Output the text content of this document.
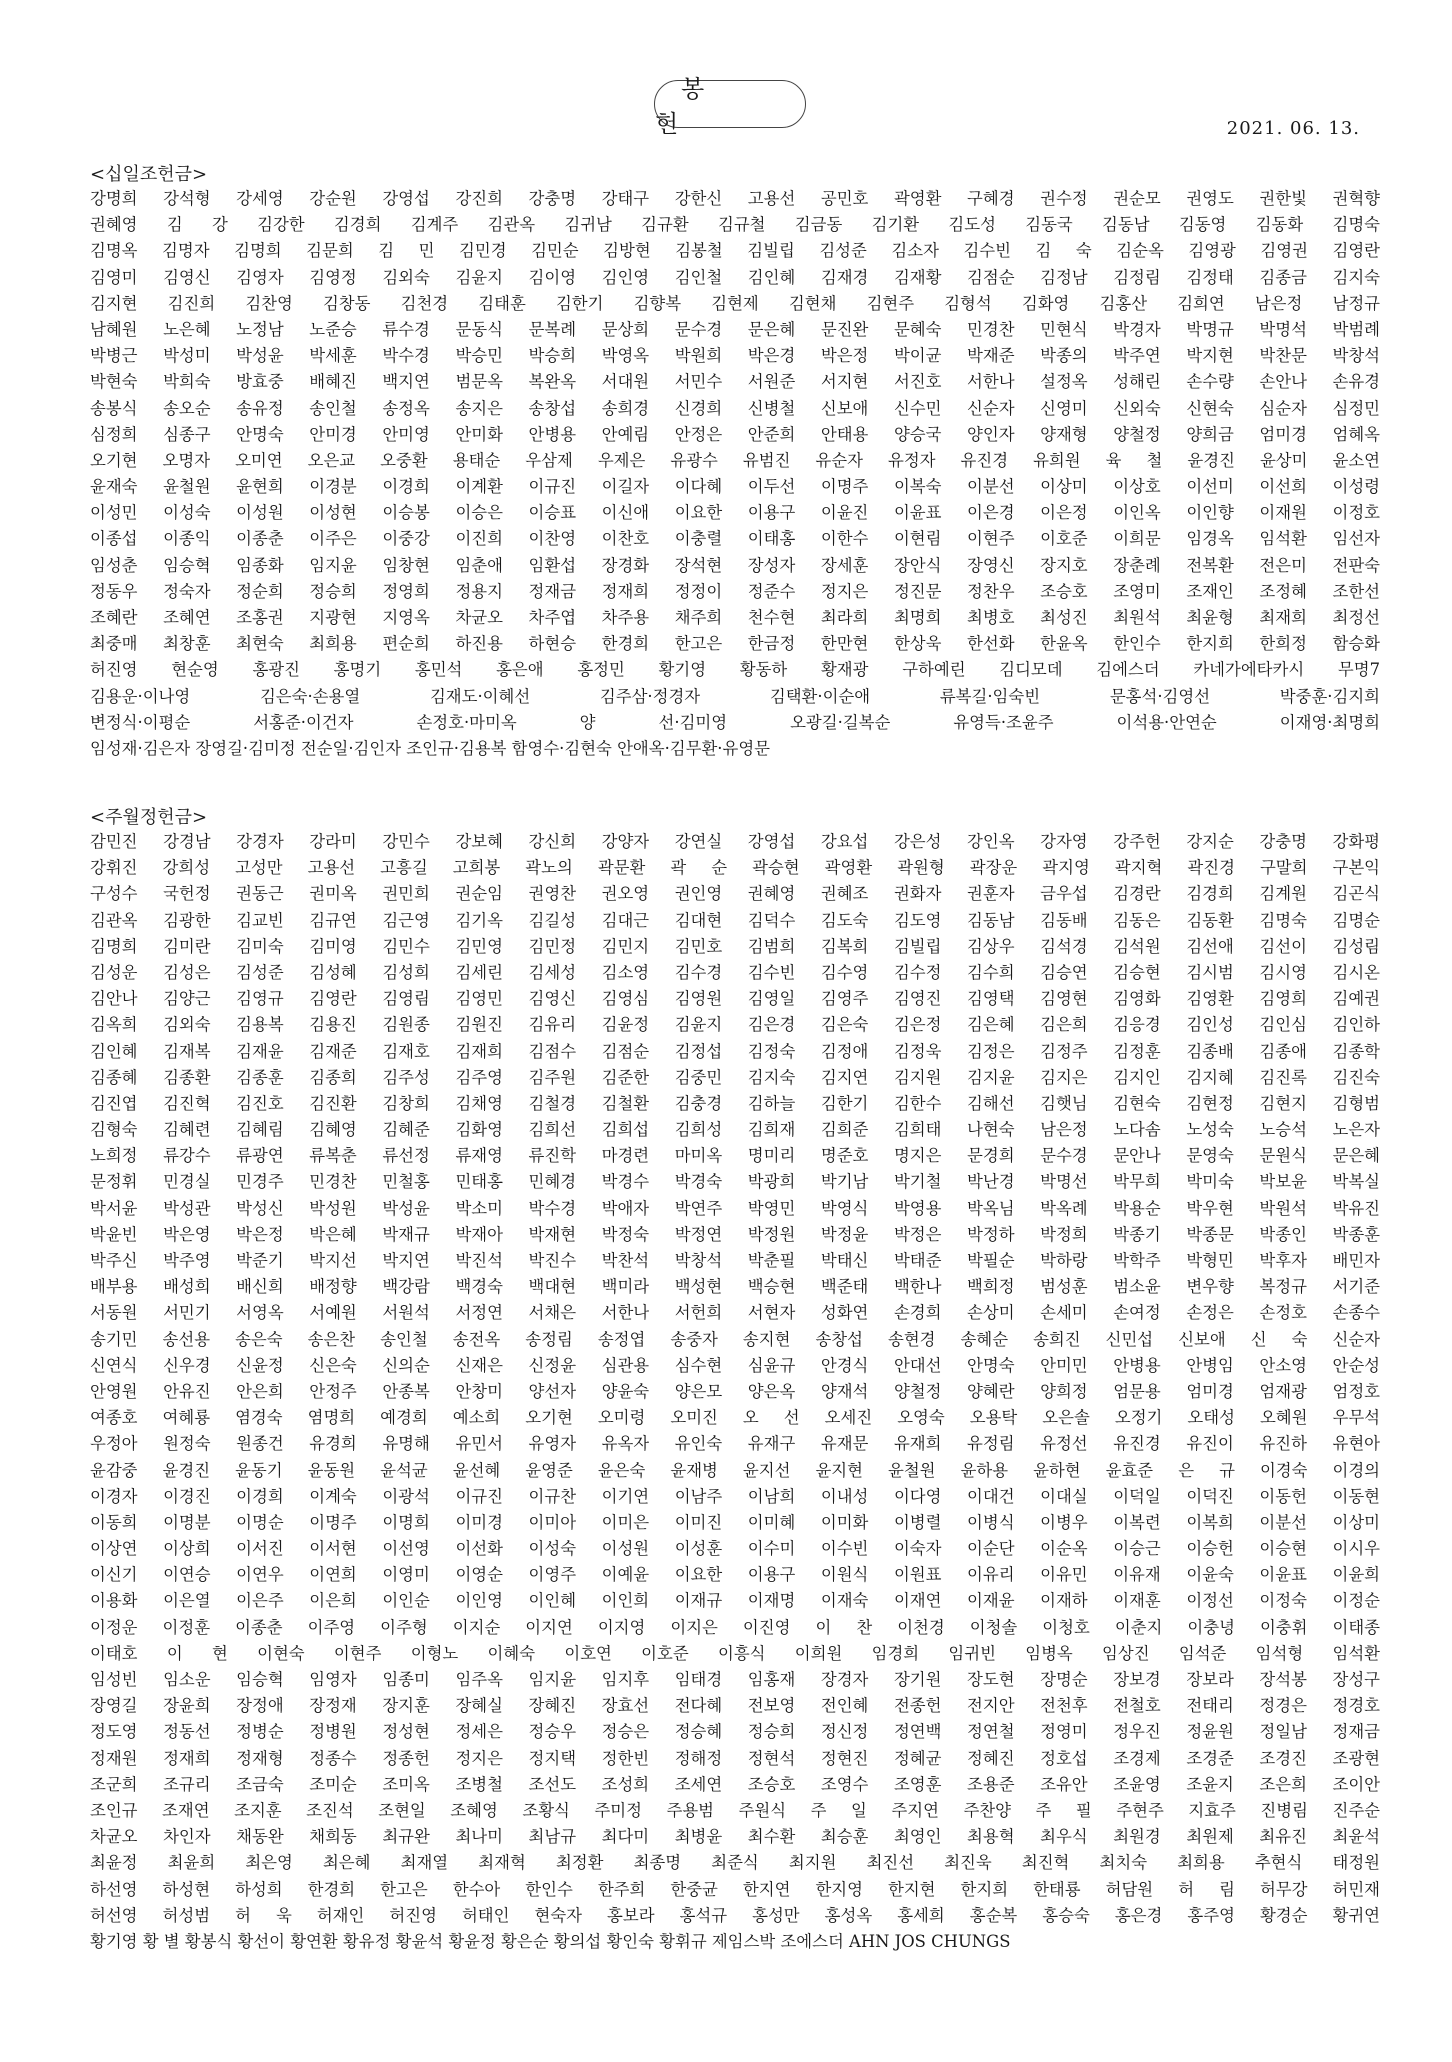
봉 헌	2021. 06. 13.
<십일조헌금>
강명희 강석형 강세영 강순원 강영섭 강진희 강충명 강태구 강한신 고용선 공민호 곽영환 구혜경 권수정 권순모 권영도 권한빛 권혁향
권혜영 김 강 김강한 김경희 김계주 김관옥 김귀남 김규환 김규철 김금동 김기환 김도성 김동국 김동남 김동영 김동화 김명숙
김명옥 김명자 김명희 김문희 김 민 김민경 김민순 김방현 김봉철 김빌립 김성준 김소자 김수빈 김 숙 김순옥 김영광 김영권 김영란
김영미 김영신 김영자 김영정 김외숙 김윤지 김이영 김인영 김인철 김인혜 김재경 김재황 김점순 김정남 김정림 김정태 김종금 김지숙
김지현 김진희 김찬영 김창동 김천경 김태훈 김한기 김향복 김현제 김현채 김현주 김형석 김화영 김홍산 김희연 남은정 남정규
남혜원 노은혜 노정남 노준승 류수경 문동식 문복례 문상희 문수경 문은혜 문진완 문혜숙 민경찬 민현식 박경자 박명규 박명석 박범례
박병근 박성미 박성윤 박세훈 박수경 박승민 박승희 박영옥 박원희 박은경 박은정 박이균 박재준 박종의 박주연 박지현 박찬문 박창석
박현숙 박희숙 방효중 배혜진 백지연 범문옥 복완옥 서대원 서민수 서원준 서지현 서진호 서한나 설정옥 성해린 손수량 손안나 손유경
송봉식 송오순 송유정 송인철 송정옥 송지은 송창섭 송희경 신경희 신병철 신보애 신수민 신순자 신영미 신외숙 신현숙 심순자 심정민
심정희 심종구 안명숙 안미경 안미영 안미화 안병용 안예림 안정은 안준희 안태용 양승국 양인자 양재형 양철정 양희금 엄미경 엄혜옥
오기현 오명자 오미연 오은교 오중환 용태순 우삼제 우제은 유광수 유범진 유순자 유정자 유진경 유희원 육 철 윤경진 윤상미 윤소연
윤재숙 윤철원 윤현희 이경분 이경희 이계환 이규진 이길자 이다혜 이두선 이명주 이복숙 이분선 이상미 이상호 이선미 이선희 이성령
이성민 이성숙 이성원 이성현 이승봉 이승은 이승표 이신애 이요한 이용구 이윤진 이윤표 이은경 이은정 이인옥 이인향 이재원 이정호
이종섭 이종익 이종춘 이주은 이중강 이진희 이찬영 이찬호 이충렬 이태홍 이한수 이현림 이현주 이호준 이희문 임경옥 임석환 임선자
임성춘 임승혁 임종화 임지윤 임창현 임춘애 임환섭 장경화 장석현 장성자 장세훈 장안식 장영신 장지호 장춘례 전복환 전은미 전판숙
정동우 정숙자 정순희 정승희 정영희 정용지 정재금 정재희 정정이 정준수 정지은 정진문 정찬우 조승호 조영미 조재인 조정혜 조한선
조혜란 조혜연 조홍권 지광현 지영옥 차균오 차주엽 차주용 채주희 천수현 최라희 최명희 최병호 최성진 최원석 최윤형 최재희 최정선
최중매 최창훈 최현숙 최희용 편순희 하진용 하현승 한경희 한고은 한금정 한만현 한상욱 한선화 한윤옥 한인수 한지희 한희정 함승화
허진영 현순영 홍광진 홍명기 홍민석 홍은애 홍정민 황기영 황동하 황재광 구하예린 김디모데 김에스더 카네가에타카시 무명7
김용운·이나영 김은숙·손용열 김재도·이혜선 김주삼·정경자 김택환·이순애 류복길·임숙빈 문홍석·김영선 박중훈·김지희
변정식·이평순 서홍준·이건자 손정호·마미옥 양 선·김미영 오광길·길복순 유영득·조윤주 이석용·안연순 이재영·최명희
임성재·김은자 장영길·김미정 전순일·김인자 조인규·김용복 함영수·김현숙 안애옥·김무환·유영문
<주월정헌금>
감민진 강경남 강경자 강라미 강민수 강보혜 강신희 강양자 강연실 강영섭 강요섭 강은성 강인옥 강자영 강주헌 강지순 강충명 강화평
강휘진 강희성 고성만 고용선 고흥길 고희봉 곽노의 곽문환 곽 순 곽승현 곽영환 곽원형 곽장운 곽지영 곽지혁 곽진경 구말희 구본익
구성수 국헌정 권동근 권미옥 권민희 권순임 권영찬 권오영 권인영 권혜영 권혜조 권화자 권훈자 금우섭 김경란 김경희 김계원 김곤식
김관옥 김광한 김교빈 김규연 김근영 김기옥 김길성 김대근 김대현 김덕수 김도숙 김도영 김동남 김동배 김동은 김동환 김명숙 김명순
김명희 김미란 김미숙 김미영 김민수 김민영 김민정 김민지 김민호 김범희 김복희 김빌립 김상우 김석경 김석원 김선애 김선이 김성림
김성운 김성은 김성준 김성혜 김성희 김세린 김세성 김소영 김수경 김수빈 김수영 김수정 김수희 김승연 김승현 김시범 김시영 김시온
김안나 김양근 김영규 김영란 김영림 김영민 김영신 김영심 김영원 김영일 김영주 김영진 김영택 김영현 김영화 김영환 김영희 김예권
김옥희 김외숙 김용복 김용진 김원종 김원진 김유리 김윤정 김윤지 김은경 김은숙 김은정 김은혜 김은희 김응경 김인성 김인심 김인하
김인혜 김재복 김재윤 김재준 김재호 김재희 김점수 김점순 김정섭 김정숙 김정애 김정욱 김정은 김정주 김정훈 김종배 김종애 김종학
김종혜 김종환 김종훈 김종희 김주성 김주영 김주원 김준한 김중민 김지숙 김지연 김지원 김지윤 김지은 김지인 김지혜 김진록 김진숙
김진엽 김진혁 김진호 김진환 김창희 김채영 김철경 김철환 김충경 김하늘 김한기 김한수 김해선 김햇님 김현숙 김현정 김현지 김형범
김형숙 김혜련 김혜림 김혜영 김혜준 김화영 김희선 김희섭 김희성 김희재 김희준 김희태 나현숙 남은정 노다솜 노성숙 노승석 노은자
노희정 류강수 류광연 류복춘 류선정 류재영 류진학 마경련 마미옥 명미리 명준호 명지은 문경희 문수경 문안나 문영숙 문원식 문은혜
문정휘 민경실 민경주 민경찬 민철홍 민태홍 민혜경 박경수 박경숙 박광희 박기남 박기철 박난경 박명선 박무희 박미숙 박보윤 박복실
박서윤 박성관 박성신 박성원 박성윤 박소미 박수경 박애자 박연주 박영민 박영식 박영용 박옥님 박옥례 박용순 박우현 박원석 박유진
박윤빈 박은영 박은정 박은혜 박재규 박재아 박재현 박정숙 박정연 박정원 박정윤 박정은 박정하 박정희 박종기 박종문 박종인 박종훈
박주신 박주영 박준기 박지선 박지연 박진석 박진수 박찬석 박창석 박춘필 박태신 박태준 박필순 박하랑 박학주 박형민 박후자 배민자
배부용 배성희 배신희 배정향 백강람 백경숙 백대현 백미라 백성현 백승현 백준태 백한나 백희정 범성훈 범소윤 변우향 복정규 서기준
서동원 서민기 서영옥 서예원 서원석 서정연 서채은 서한나 서헌희 서현자 성화연 손경희 손상미 손세미 손여정 손정은 손정호 손종수
송기민 송선용 송은숙 송은찬 송인철 송전옥 송정림 송정엽 송중자 송지현 송창섭 송현경 송혜순 송희진 신민섭 신보애 신 숙 신순자
신연식 신우경 신윤정 신은숙 신의순 신재은 신정윤 심관용 심수현 심윤규 안경식 안대선 안명숙 안미민 안병용 안병임 안소영 안순성
안영원 안유진 안은희 안정주 안종복 안창미 양선자 양윤숙 양은모 양은옥 양재석 양철정 양혜란 양희정 엄문용 엄미경 엄재광 엄정호
여종호 여혜룡 염경숙 염명희 예경희 예소희 오기현 오미령 오미진 오 선 오세진 오영숙 오용탁 오은솔 오정기 오태성 오혜원 우무석
우정아 원정숙 원종건 유경희 유명해 유민서 유영자 유옥자 유인숙 유재구 유재문 유재희 유정림 유정선 유진경 유진이 유진하 유현아
윤감중 윤경진 윤동기 윤동원 윤석균 윤선혜 윤영준 윤은숙 윤재병 윤지선 윤지현 윤철원 윤하용 윤하현 윤효준 은 규 이경숙 이경의
이경자 이경진 이경희 이계숙 이광석 이규진 이규찬 이기연 이남주 이남희 이내성 이다영 이대건 이대실 이덕일 이덕진 이동헌 이동현
이동희 이명분 이명순 이명주 이명희 이미경 이미아 이미은 이미진 이미혜 이미화 이병렬 이병식 이병우 이복련 이복희 이분선 이상미
이상연 이상희 이서진 이서현 이선영 이선화 이성숙 이성원 이성훈 이수미 이수빈 이숙자 이순단 이순옥 이승근 이승헌 이승현 이시우
이신기 이연승 이연우 이연희 이영미 이영순 이영주 이예윤 이요한 이용구 이원식 이원표 이유리 이유민 이유재 이윤숙 이윤표 이윤희
이용화 이은열 이은주 이은희 이인순 이인영 이인혜 이인희 이재규 이재명 이재숙 이재연 이재윤 이재하 이재훈 이정선 이정숙 이정순
이정운 이정훈 이종춘 이주영 이주형 이지순 이지연 이지영 이지은 이진영 이 찬 이천경 이청솔 이청호 이춘지 이충녕 이충휘 이태종
이태호 이 현 이현숙 이현주 이형노 이혜숙 이호연 이호준 이흥식 이희원 임경희 임귀빈 임병옥 임상진 임석준 임석형 임석환
임성빈 임소운 임승혁 임영자 임종미 임주옥 임지윤 임지후 임태경 임홍재 장경자 장기원 장도현 장명순 장보경 장보라 장석봉 장성구
장영길 장윤희 장정애 장정재 장지훈 장혜실 장혜진 장효선 전다혜 전보영 전인혜 전종헌 전지안 전천후 전철호 전태리 정경은 정경호
정도영 정동선 정병순 정병원 정성현 정세은 정승우 정승은 정승혜 정승희 정신정 정연백 정연철 정영미 정우진 정윤원 정일남 정재금
정재원 정재희 정재형 정종수 정종헌 정지은 정지택 정한빈 정해정 정현석 정현진 정혜균 정혜진 정호섭 조경제 조경준 조경진 조광현
조군희 조규리 조금숙 조미순 조미옥 조병철 조선도 조성희 조세연 조승호 조영수 조영훈 조용준 조유안 조윤영 조윤지 조은희 조이안
조인규 조재연 조지훈 조진석 조현일 조혜영 조황식 주미정 주용범 주원식 주 일 주지연 주찬양 주 필 주현주 지효주 진병림 진주순
차균오 차인자 채동완 채희동 최규완 최나미 최남규 최다미 최병윤 최수환 최승훈 최영인 최용혁 최우식 최원경 최원제 최유진 최윤석
최윤정 최윤희 최은영 최은혜 최재열 최재혁 최정환 최종명 최준식 최지원 최진선 최진욱 최진혁 최치숙 최희용 추현식 태정원
하선영 하성현 하성희 한경희 한고은 한수아 한인수 한주희 한중균 한지연 한지영 한지현 한지희 한태룡 허담원 허 림 허무강 허민재
허선영 허성범 허 욱 허재인 허진영 허태인 현숙자 홍보라 홍석규 홍성만 홍성옥 홍세희 홍순복 홍승숙 홍은경 홍주영 황경순 황귀연
황기영 황 별 황봉식 황선이 황연환 황유정 황윤석 황윤정 황은순 황의섭 황인숙 황휘규 제임스박 조에스더 AHN JOS CHUNGS
